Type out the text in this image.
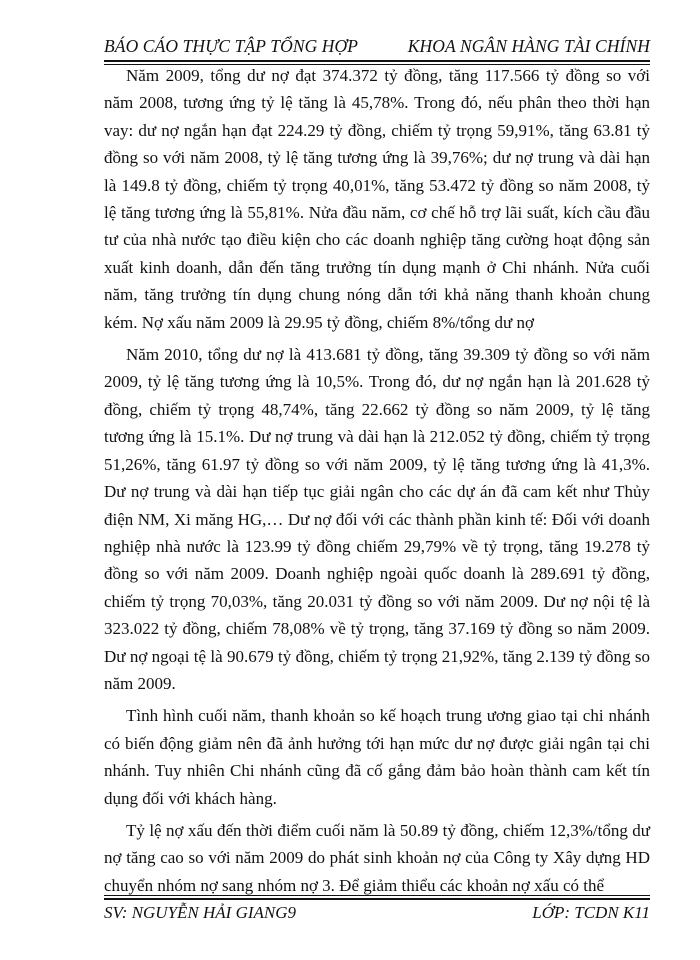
BÁO CÁO THỰC TẬP TỔNG HỢP	KHOA NGÂN HÀNG TÀI CHÍNH

Năm 2009, tổng dư nợ đạt 374.372 tỷ đồng, tăng 117.566 tỷ đồng so với năm 2008, tương ứng tỷ lệ tăng là 45,78%. Trong đó, nếu phân theo thời hạn vay: dư nợ ngắn hạn đạt 224.29 tỷ đồng, chiếm tỷ trọng 59,91%, tăng 63.81 tỷ đồng so với năm 2008, tỷ lệ tăng tương ứng là 39,76%; dư nợ trung và dài hạn là 149.8 tỷ đồng, chiếm tỷ trọng 40,01%, tăng 53.472 tỷ đồng so năm 2008, tỷ lệ tăng tương ứng là 55,81%. Nửa đầu năm, cơ chế hỗ trợ lãi suất, kích cầu đầu tư của nhà nước tạo điều kiện cho các doanh nghiệp tăng cường hoạt động sản xuất kinh doanh, dẫn đến tăng trưởng tín dụng mạnh ở Chi nhánh. Nửa cuối năm, tăng trưởng tín dụng chung nóng dẫn tới khả năng thanh khoản chung kém. Nợ xấu năm 2009 là 29.95 tỷ đồng, chiếm 8%/tổng dư nợ

Năm 2010, tổng dư nợ là 413.681 tỷ đồng, tăng 39.309 tỷ đồng so với năm 2009, tỷ lệ tăng tương ứng là 10,5%. Trong đó, dư nợ ngắn hạn là 201.628 tỷ đồng, chiếm tỷ trọng 48,74%, tăng 22.662 tỷ đồng so năm 2009, tỷ lệ tăng tương ứng là 15.1%. Dư nợ trung và dài hạn là 212.052 tỷ đồng, chiếm tỷ trọng 51,26%, tăng 61.97 tỷ đồng so với năm 2009, tỷ lệ tăng tương ứng là 41,3%. Dư nợ trung và dài hạn tiếp tục giải ngân cho các dự án đã cam kết như Thủy điện NM, Xi măng HG,… Dư nợ đối với các thành phần kinh tế: Đối với doanh nghiệp nhà nước là 123.99 tỷ đồng chiếm 29,79% về tỷ trọng, tăng 19.278 tỷ đồng so với năm 2009. Doanh nghiệp ngoài quốc doanh là 289.691 tỷ đồng, chiếm tỷ trọng 70,03%, tăng 20.031 tỷ đồng so với năm 2009. Dư nợ nội tệ là 323.022 tỷ đồng, chiếm 78,08% về tỷ trọng, tăng 37.169 tỷ đồng so năm 2009. Dư nợ ngoại tệ là 90.679 tỷ đồng, chiếm tỷ trọng 21,92%, tăng 2.139 tỷ đồng so năm 2009.

Tình hình cuối năm, thanh khoản so kế hoạch trung ương giao tại chi nhánh có biến động giảm nên đã ảnh hưởng tới hạn mức dư nợ được giải ngân tại chi nhánh. Tuy nhiên Chi nhánh cũng đã cố gắng đảm bảo hoàn thành cam kết tín dụng đối với khách hàng.

Tỷ lệ nợ xấu đến thời điểm cuối năm là 50.89 tỷ đồng, chiếm 12,3%/tổng dư nợ tăng cao so với năm 2009 do phát sinh khoản nợ của Công ty Xây dựng HD chuyển nhóm nợ sang nhóm nợ 3. Để giảm thiểu các khoản nợ xấu có thể

SV: NGUYỄN HẢI GIANG9	LỚP: TCDN K11
